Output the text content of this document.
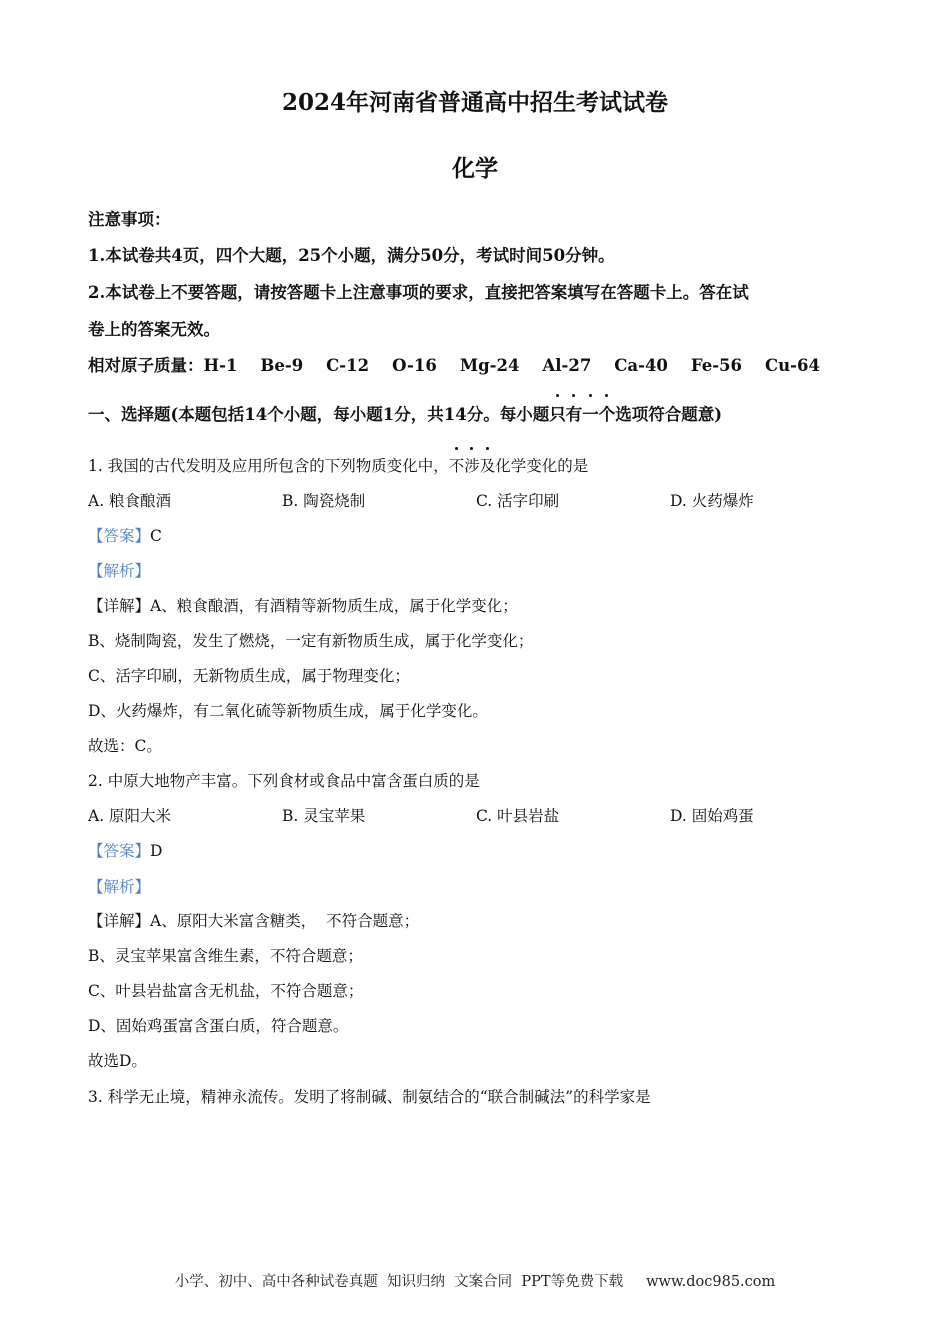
2024年河南省普通高中招生考试试卷
化学
注意事项：
1.本试卷共4页，四个大题，25个小题，满分50分，考试时间50分钟。
2.本试卷上不要答题，请按答题卡上注意事项的要求，直接把答案填写在答题卡上。答在试
卷上的答案无效。
相对原子质量：H-1    Be-9    C-12    O-16    Mg-24    Al-27    Ca-40    Fe-56    Cu-64
一、选择题(本题包括14个小题，每小题1分，共14分。每小题只有一个选项符合题意)
1. 我国的古代发明及应用所包含的下列物质变化中，不涉及化学变化的是
A. 粮食酿酒	B. 陶瓷烧制	C. 活字印刷	D. 火药爆炸
【答案】C
【解析】
【详解】A、粮食酿酒，有酒精等新物质生成，属于化学变化；
B、烧制陶瓷，发生了燃烧，一定有新物质生成，属于化学变化；
C、活字印刷，无新物质生成，属于物理变化；
D、火药爆炸，有二氧化硫等新物质生成，属于化学变化。
故选：C。
2. 中原大地物产丰富。下列食材或食品中富含蛋白质的是
A. 原阳大米	B. 灵宝苹果	C. 叶县岩盐	D. 固始鸡蛋
【答案】D
【解析】
【详解】A、原阳大米富含糖类，  不符合题意；
B、灵宝苹果富含维生素，不符合题意；
C、叶县岩盐富含无机盐，不符合题意；
D、固始鸡蛋富含蛋白质，符合题意。
故选D。
3. 科学无止境，精神永流传。发明了将制碱、制氨结合的“联合制碱法”的科学家是
小学、初中、高中各种试卷真题  知识归纳  文案合同  PPT等免费下载     www.doc985.com
